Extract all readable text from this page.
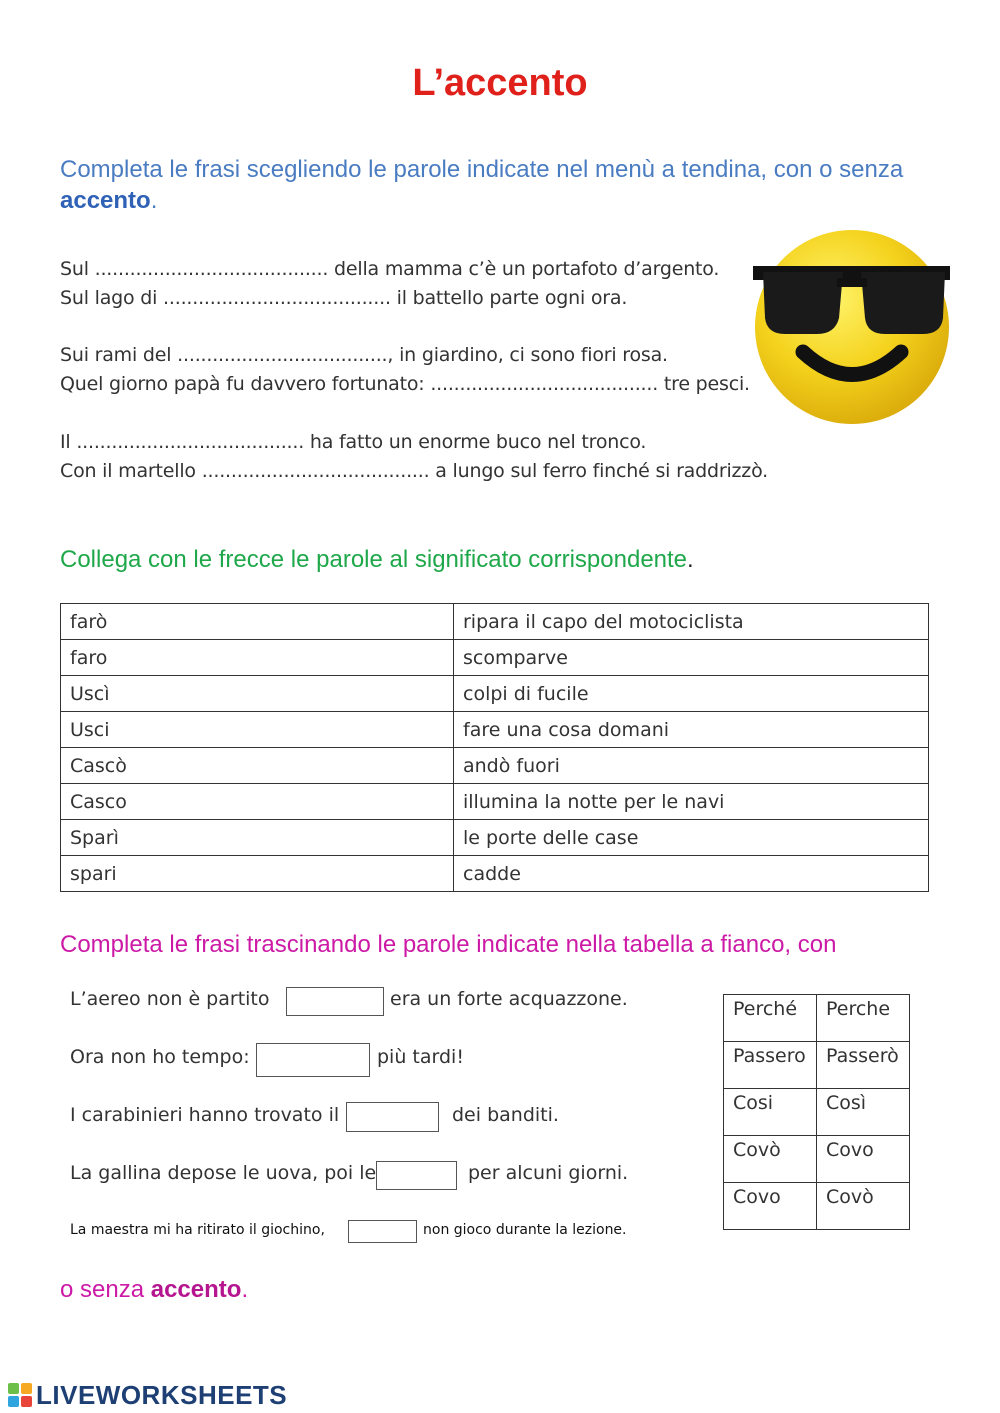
L’accento
Completa le frasi scegliendo le parole indicate nel menù a tendina, con o senza accento.
Sul ........................................ della mamma c’è un portafoto d’argento.
Sul lago di ....................................... il battello parte ogni ora.
Sui rami del ...................................., in giardino, ci sono fiori rosa.
Quel giorno papà fu davvero fortunato: ....................................... tre pesci.
Il ....................................... ha fatto un enorme buco nel tronco.
Con il martello ....................................... a lungo sul ferro finché si raddrizzò.
Collega con le frecce le parole al significato corrispondente.
farò	ripara il capo del motociclista
faro	scomparve
Uscì	colpi di fucile
Usci	fare una cosa domani
Cascò	andò fuori
Casco	illumina la notte per le navi
Sparì	le porte delle case
spari	cadde
Completa le frasi trascinando le parole indicate nella tabella a fianco, con
L’aereo non è partito	era un forte acquazzone.
Ora non ho tempo:	più tardi!
I carabinieri hanno trovato il	dei banditi.
La gallina depose le uova, poi le	per alcuni giorni.
La maestra mi ha ritirato il giochino,	non gioco durante la lezione.
Perché	Perche
Passero	Passerò
Cosi	Così
Covò	Covo
Covo	Covò
o senza accento.
LIVEWORKSHEETS
